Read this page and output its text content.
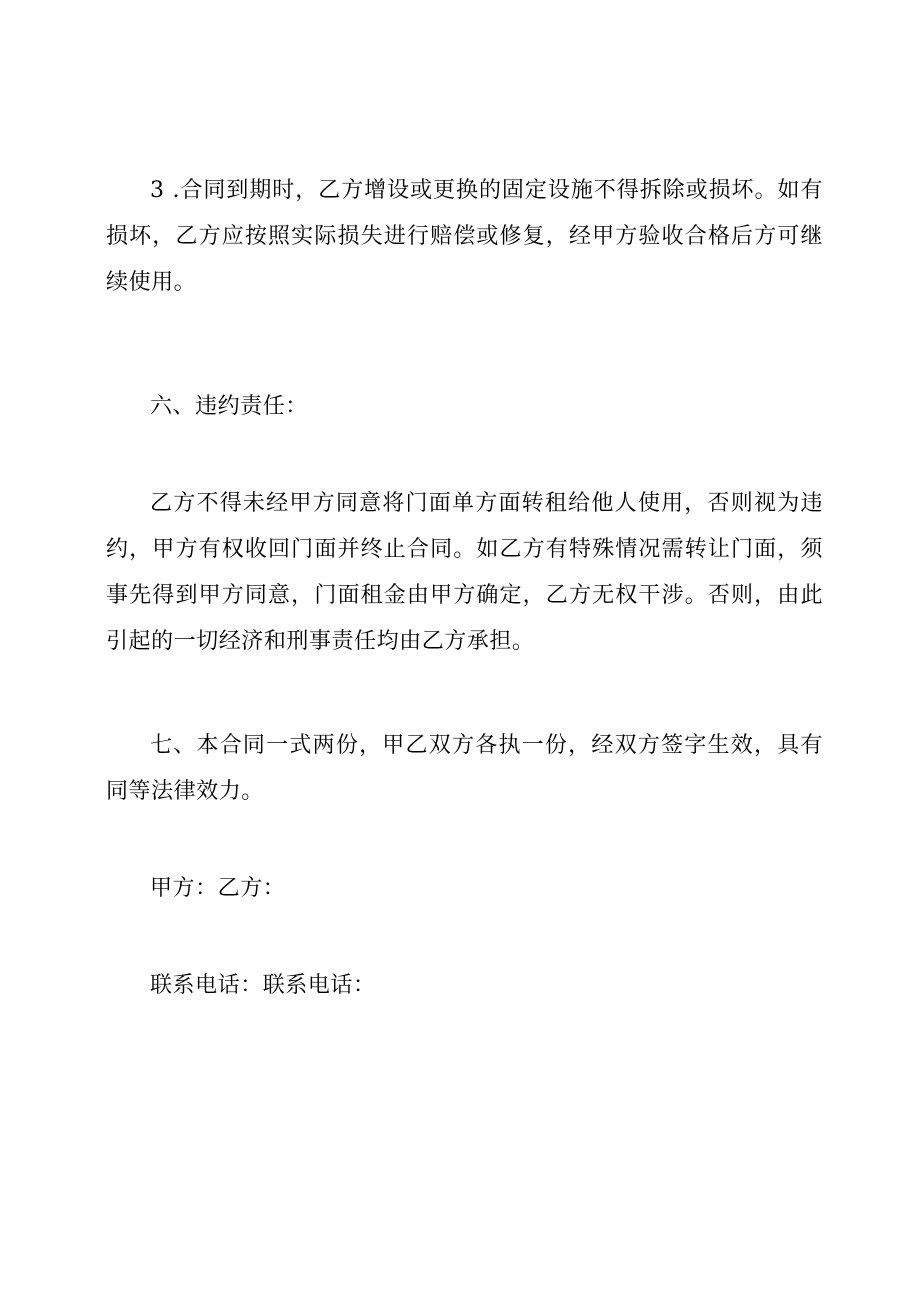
3 .合同到期时，乙方增设或更换的固定设施不得拆除或损坏。如有损坏，乙方应按照实际损失进行赔偿或修复，经甲方验收合格后方可继续使用。

六、违约责任：

乙方不得未经甲方同意将门面单方面转租给他人使用，否则视为违约，甲方有权收回门面并终止合同。如乙方有特殊情况需转让门面，须事先得到甲方同意，门面租金由甲方确定，乙方无权干涉。否则，由此引起的一切经济和刑事责任均由乙方承担。

七、本合同一式两份，甲乙双方各执一份，经双方签字生效，具有同等法律效力。

甲方：乙方：

联系电话：联系电话：
